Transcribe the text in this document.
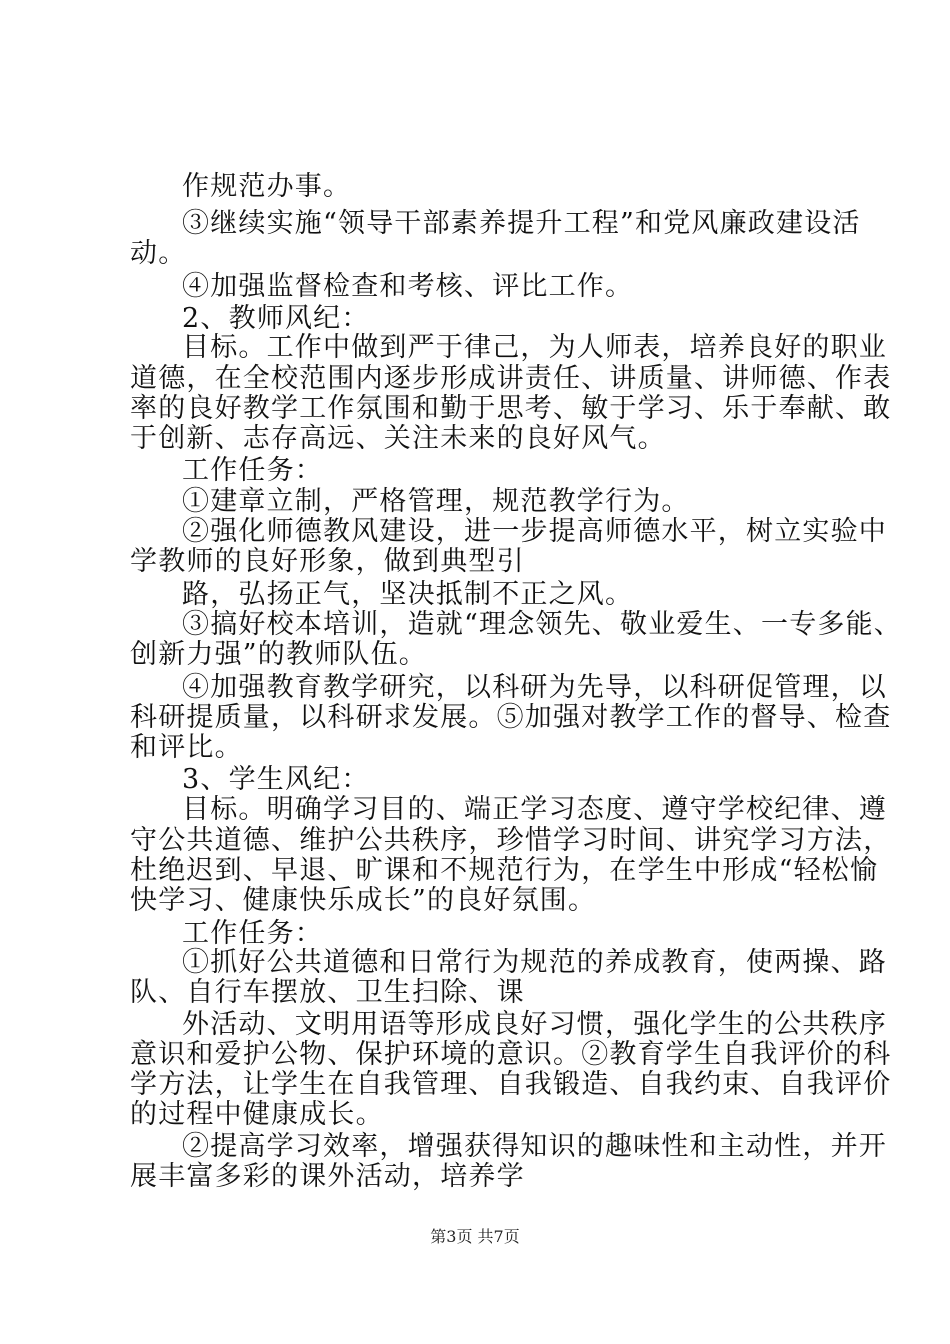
作规范办事。
③继续实施“领导干部素养提升工程”和党风廉政建设活
动。
④加强监督检查和考核、评比工作。
2、教师风纪：
目标。工作中做到严于律己，为人师表，培养良好的职业
道德，在全校范围内逐步形成讲责任、讲质量、讲师德、作表
率的良好教学工作氛围和勤于思考、敏于学习、乐于奉献、敢
于创新、志存高远、关注未来的良好风气。
工作任务：
①建章立制，严格管理，规范教学行为。
②强化师德教风建设，进一步提高师德水平，树立实验中
学教师的良好形象，做到典型引
路，弘扬正气，坚决抵制不正之风。
③搞好校本培训，造就“理念领先、敬业爱生、一专多能、
创新力强”的教师队伍。
④加强教育教学研究，以科研为先导，以科研促管理，以
科研提质量，以科研求发展。⑤加强对教学工作的督导、检查
和评比。
3、学生风纪：
目标。明确学习目的、端正学习态度、遵守学校纪律、遵
守公共道德、维护公共秩序，珍惜学习时间、讲究学习方法，
杜绝迟到、早退、旷课和不规范行为，在学生中形成“轻松愉
快学习、健康快乐成长”的良好氛围。
工作任务：
①抓好公共道德和日常行为规范的养成教育，使两操、路
队、自行车摆放、卫生扫除、课
外活动、文明用语等形成良好习惯，强化学生的公共秩序
意识和爱护公物、保护环境的意识。②教育学生自我评价的科
学方法，让学生在自我管理、自我锻造、自我约束、自我评价
的过程中健康成长。
②提高学习效率，增强获得知识的趣味性和主动性，并开
展丰富多彩的课外活动，培养学
第3页 共7页
